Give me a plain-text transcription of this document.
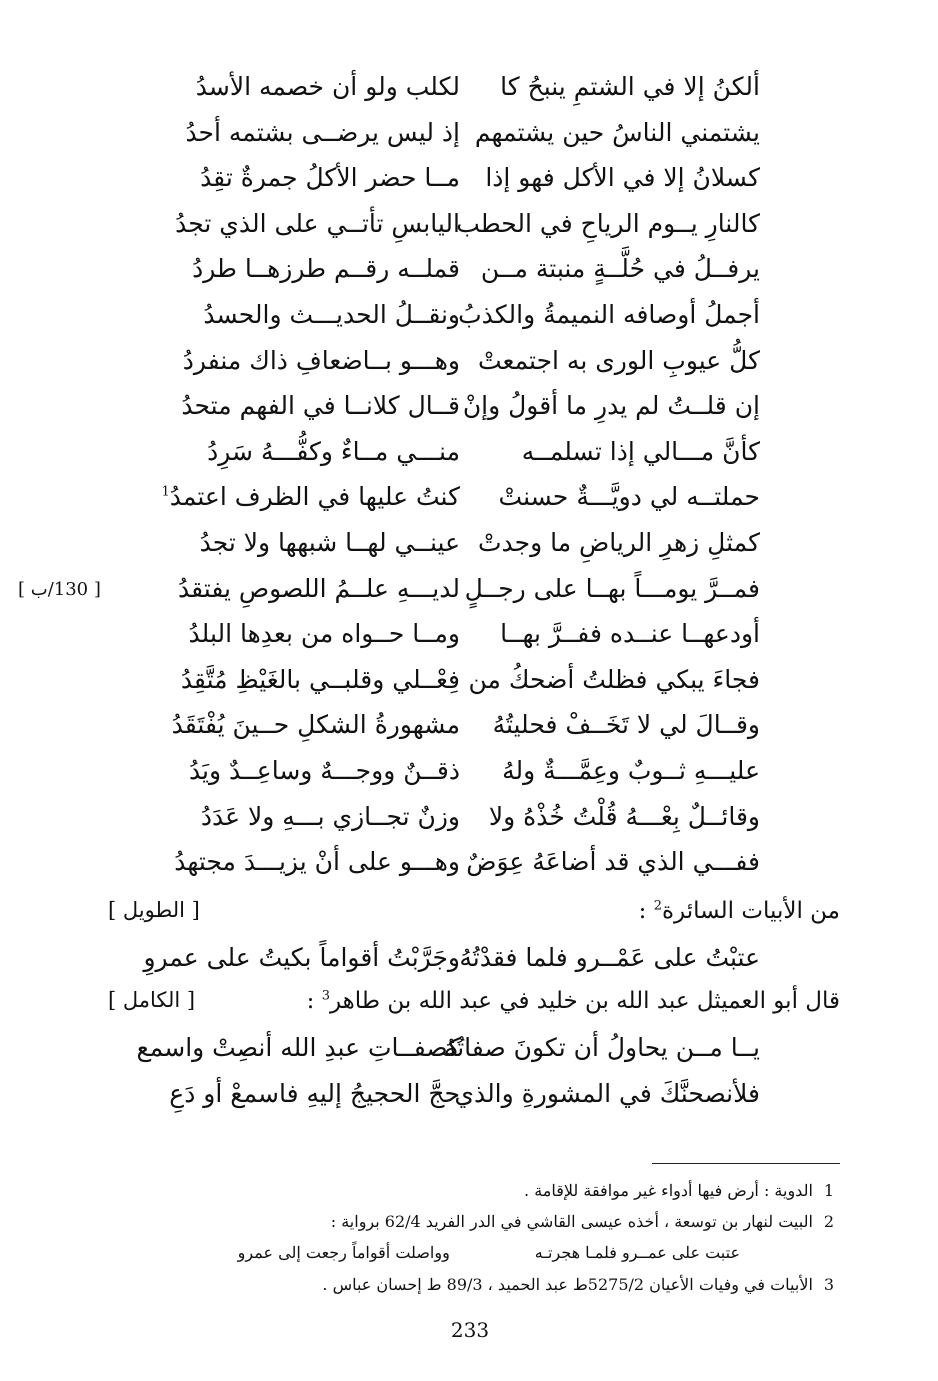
ألكنُ إلا في الشتمِ ينبحُ كا
لكلب ولو أن خصمه الأسدُ
يشتمني الناسُ حين يشتمهم
إذ ليس يرضــى بشتمه أحدُ
كسلانُ إلا في الأكل فهو إذا
مــا حضر الأكلُ جمرةٌ تقِدُ
كالنارِ يــوم الرياحِ في الحطب
اليابسِ تأتــي على الذي تجدُ
يرفــلُ في حُلَّــةٍ منبتة مــن
قملــه رقــم طرزهــا طردُ
أجملُ أوصافه النميمةُ والكذبُ
ونقــلُ الحديـــث والحسدُ
كلُّ عيوبِ الورى به اجتمعتْ
وهـــو بــاضعافِ ذاك منفردُ
إن قلــتُ لم يدرِ ما أقولُ وإنْ
قــال كلانــا في الفهم متحدُ
كأنَّ مـــالي إذا تسلمــه
منـــي مــاءٌ وكفُّـــهُ سَرِدُ
حملتــه لي دويَّـــةٌ حسنتْ
كنتُ عليها في الظرف اعتمدُ$^1$
كمثلِ زهرِ الرياضِ ما وجدتْ
عينــي لهــا شبهها ولا تجدُ
فمــرَّ يومـــاً بهــا على رجــلٍ
لديـــهِ علــمُ اللصوصِ يفتقدُ
أودعهــا عنــده ففــرَّ بهــا
ومــا حــواه من بعدِها البلدُ
فجاءَ يبكي فظلتُ أضحكُ من
فِعْــلي وقلبــي بالغَيْظِ مُتَّقِدُ
وقــالَ لي لا تَخَــفْ فحليتُهُ
مشهورةُ الشكلِ حــينَ يُفْتَقَدُ
عليـــهِ ثــوبٌ وعِمَّـــةٌ ولهُ
ذقــنٌ ووجـــهٌ وساعِــدٌ ويَدُ
وقائــلٌ بِعْـــهُ قُلْتُ خُذْهُ ولا
وزنٌ تجــازي بـــهِ ولا عَدَدُ
ففـــي الذي قد أضاعَهُ عِوَضٌ
وهـــو على أنْ يزيـــدَ مجتهدُ
[ 130/ب ]
من الأبيات السائرة$^2$ :
[ الطويل ]
عتبْتُ على عَمْــرو فلما فقدْتُهُ
وجَرَّبْتُ أقواماً بكيتُ على عمروِ
قال أبو العميثل عبد الله بن خليد في عبد الله بن طاهر$^3$ :
[ الكامل ]
يــا مــن يحاولُ أن تكونَ صفاتُهُ
كصفــاتِ عبدِ الله أنصِتْ واسمع
فلأنصحنَّكَ في المشورةِ والذي
حجَّ الحجيجُ إليهِ فاسمعْ أو دَعِ
1 الدوية : أرض فيها أدواء غير موافقة للإقامة .
2 البيت لنهار بن توسعة ، أخذه عيسى القاشي في الدر الفريد 62/4 برواية :
عتبت على عمــرو فلمـا هجرتـه  وواصلت أقواماً رجعت إلى عمرو
3 الأبيات في وفيات الأعيان 5275/2ط عبد الحميد ، 89/3 ط إحسان عباس .
233
